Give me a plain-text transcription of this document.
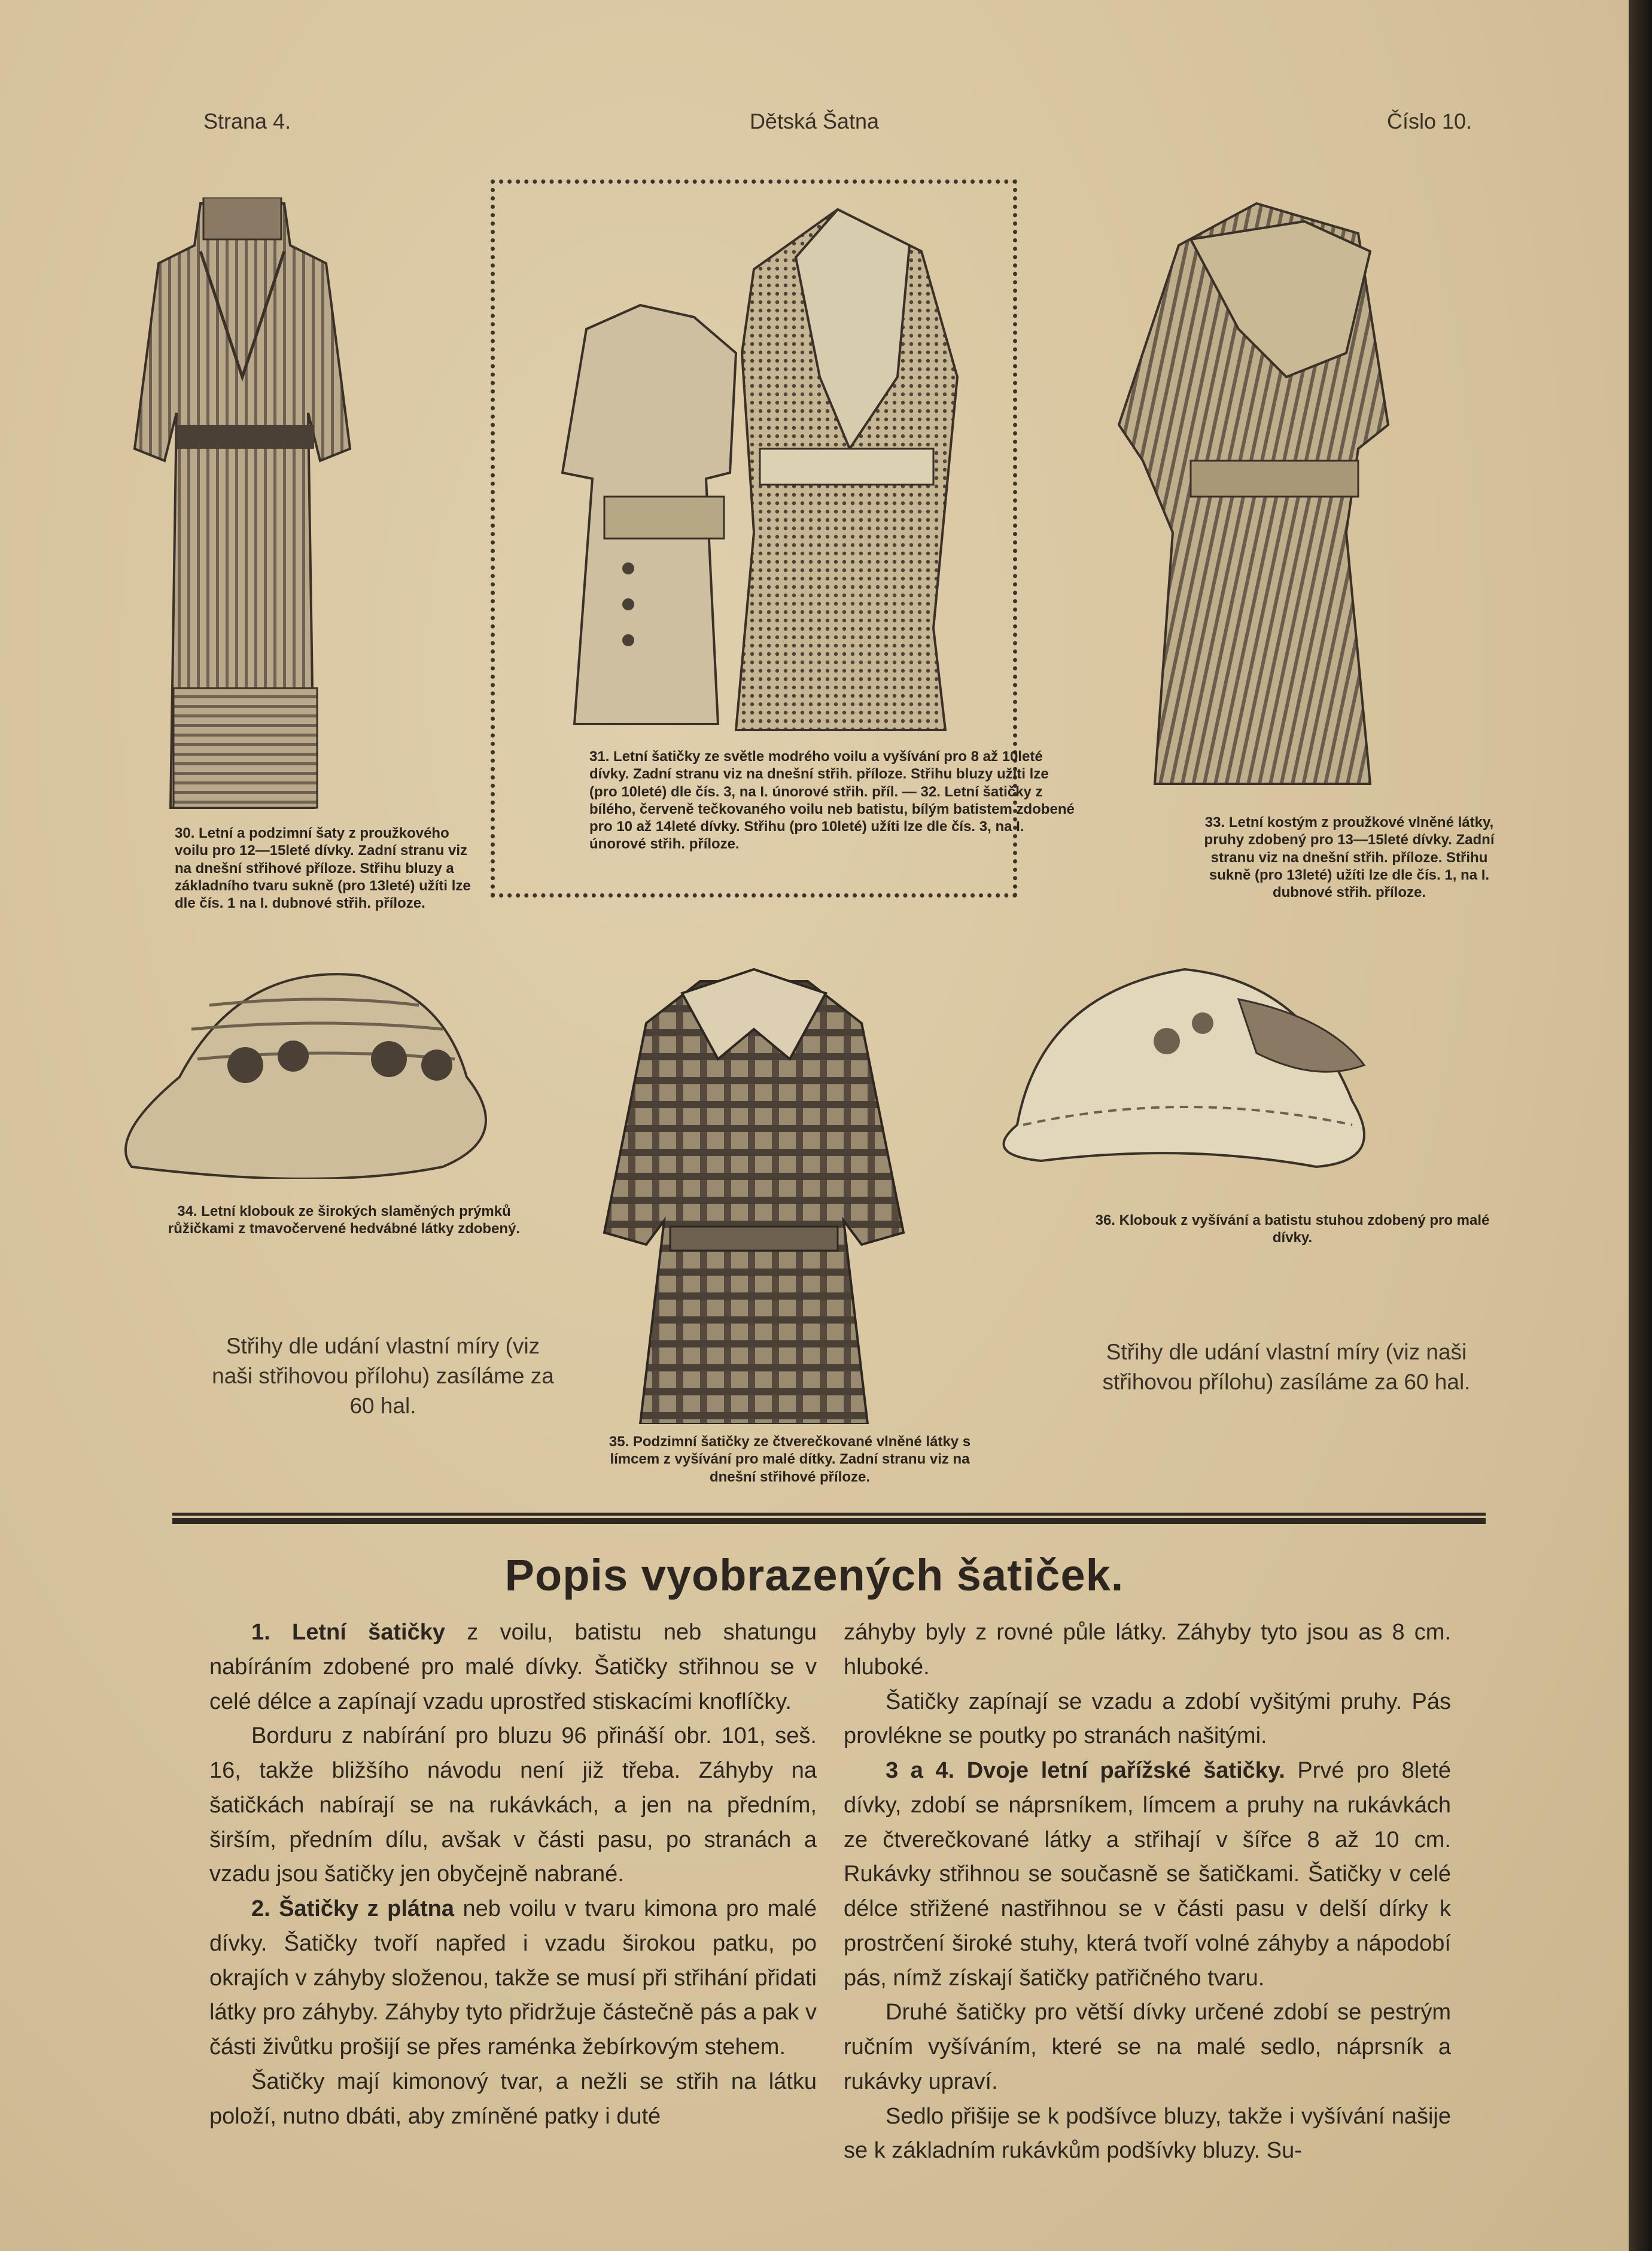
Strana 4.	Dětská Šatna	Číslo 10.
30. Letní a podzimní šaty z proužkového voilu pro 12—15leté dívky. Zadní stranu viz na dnešní střihové příloze. Střihu bluzy a základního tvaru sukně (pro 13leté) užíti lze dle čís. 1 na I. dubnové střih. příloze.
31. Letní šatičky ze světle modrého voilu a vyšívání pro 8 až 10leté dívky. Zadní stranu viz na dnešní střih. příloze. Střihu bluzy užíti lze (pro 10leté) dle čís. 3, na I. únorové střih. příl. — 32. Letní šatičky z bílého, červeně tečkovaného voilu neb batistu, bílým batistem zdobené pro 10 až 14leté dívky. Střihu (pro 10leté) užíti lze dle čís. 3, na I. únorové střih. příloze.
33. Letní kostým z proužkové vlněné látky, pruhy zdobený pro 13—15leté dívky. Zadní stranu viz na dnešní střih. příloze. Střihu sukně (pro 13leté) užíti lze dle čís. 1, na I. dubnové střih. příloze.
34. Letní klobouk ze širokých slaměných prýmků růžičkami z tmavočervené hedvábné látky zdobený.
35. Podzimní šatičky ze čtverečkované vlněné látky s límcem z vyšívání pro malé dítky. Zadní stranu viz na dnešní střihové příloze.
36. Klobouk z vyšívání a batistu stuhou zdobený pro malé dívky.
Střihy dle udání vlastní míry (viz naši střihovou přílohu) zasíláme za 60 hal.
Střihy dle udání vlastní míry (viz naši střihovou přílohu) zasíláme za 60 hal.
Popis vyobrazených šatiček.

1. Letní šatičky z voilu, batistu neb shatungu nabíráním zdobené pro malé dívky. Šatičky střihnou se v celé délce a zapínají vzadu uprostřed stiskacími knoflíčky.

Borduru z nabírání pro bluzu 96 přináší obr. 101, seš. 16, takže bližšího návodu není již třeba. Záhyby na šatičkách nabírají se na rukávkách, a jen na předním, širším, předním dílu, avšak v části pasu, po stranách a vzadu jsou šatičky jen obyčejně nabrané.

2. Šatičky z plátna neb voilu v tvaru kimona pro malé dívky. Šatičky tvoří napřed i vzadu širokou patku, po okrajích v záhyby složenou, takže se musí při střihání přidati látky pro záhyby. Záhyby tyto přidržuje částečně pás a pak v části živůtku prošijí se přes raménka žebírkovým stehem.

Šatičky mají kimonový tvar, a nežli se střih na látku položí, nutno dbáti, aby zmíněné patky i duté

záhyby byly z rovné půle látky. Záhyby tyto jsou as 8 cm. hluboké.

Šatičky zapínají se vzadu a zdobí vyšitými pruhy. Pás provlékne se poutky po stranách našitými.

3 a 4. Dvoje letní pařížské šatičky. Prvé pro 8leté dívky, zdobí se náprsníkem, límcem a pruhy na rukávkách ze čtverečkované látky a střihají v šířce 8 až 10 cm. Rukávky střihnou se současně se šatičkami. Šatičky v celé délce střižené nastřihnou se v části pasu v delší dírky k prostrčení široké stuhy, která tvoří volné záhyby a nápodobí pás, nímž získají šatičky patřičného tvaru.

Druhé šatičky pro větší dívky určené zdobí se pestrým ručním vyšíváním, které se na malé sedlo, náprsník a rukávky upraví.

Sedlo přišije se k podšívce bluzy, takže i vyšívání našije se k základním rukávkům podšívky bluzy. Su-
